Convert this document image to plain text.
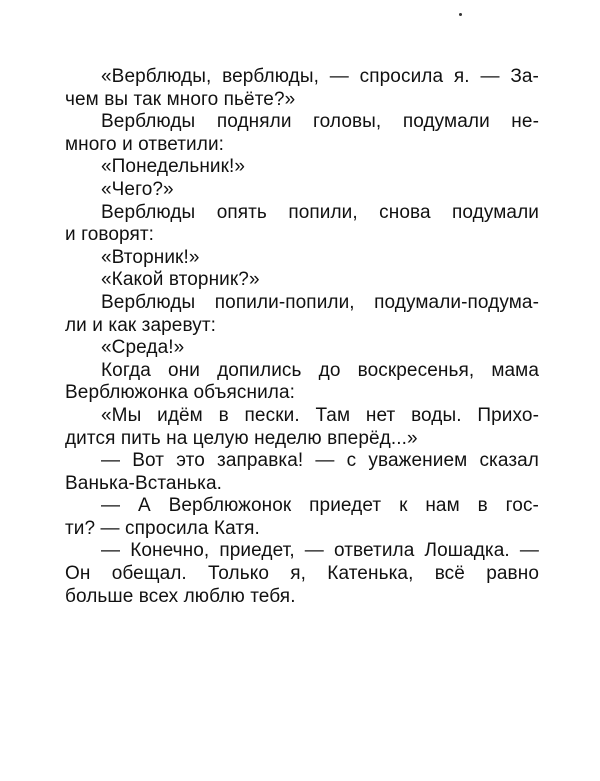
«Верблюды, верблюды, — спросила я. — За-
чем вы так много пьёте?»
Верблюды подняли головы, подумали не-
много и ответили:
«Понедельник!»
«Чего?»
Верблюды опять попили, снова подумали
и говорят:
«Вторник!»
«Какой вторник?»
Верблюды попили-попили, подумали-подума-
ли и как заревут:
«Среда!»
Когда они допились до воскресенья, мама
Верблюжонка объяснила:
«Мы идём в пески. Там нет воды. Прихо-
дится пить на целую неделю вперёд...»
— Вот это заправка! — с уважением сказал
Ванька-Встанька.
— А Верблюжонок приедет к нам в гос-
ти? — спросила Катя.
— Конечно, приедет, — ответила Лошадка. —
Он обещал. Только я, Катенька, всё равно
больше всех люблю тебя.
